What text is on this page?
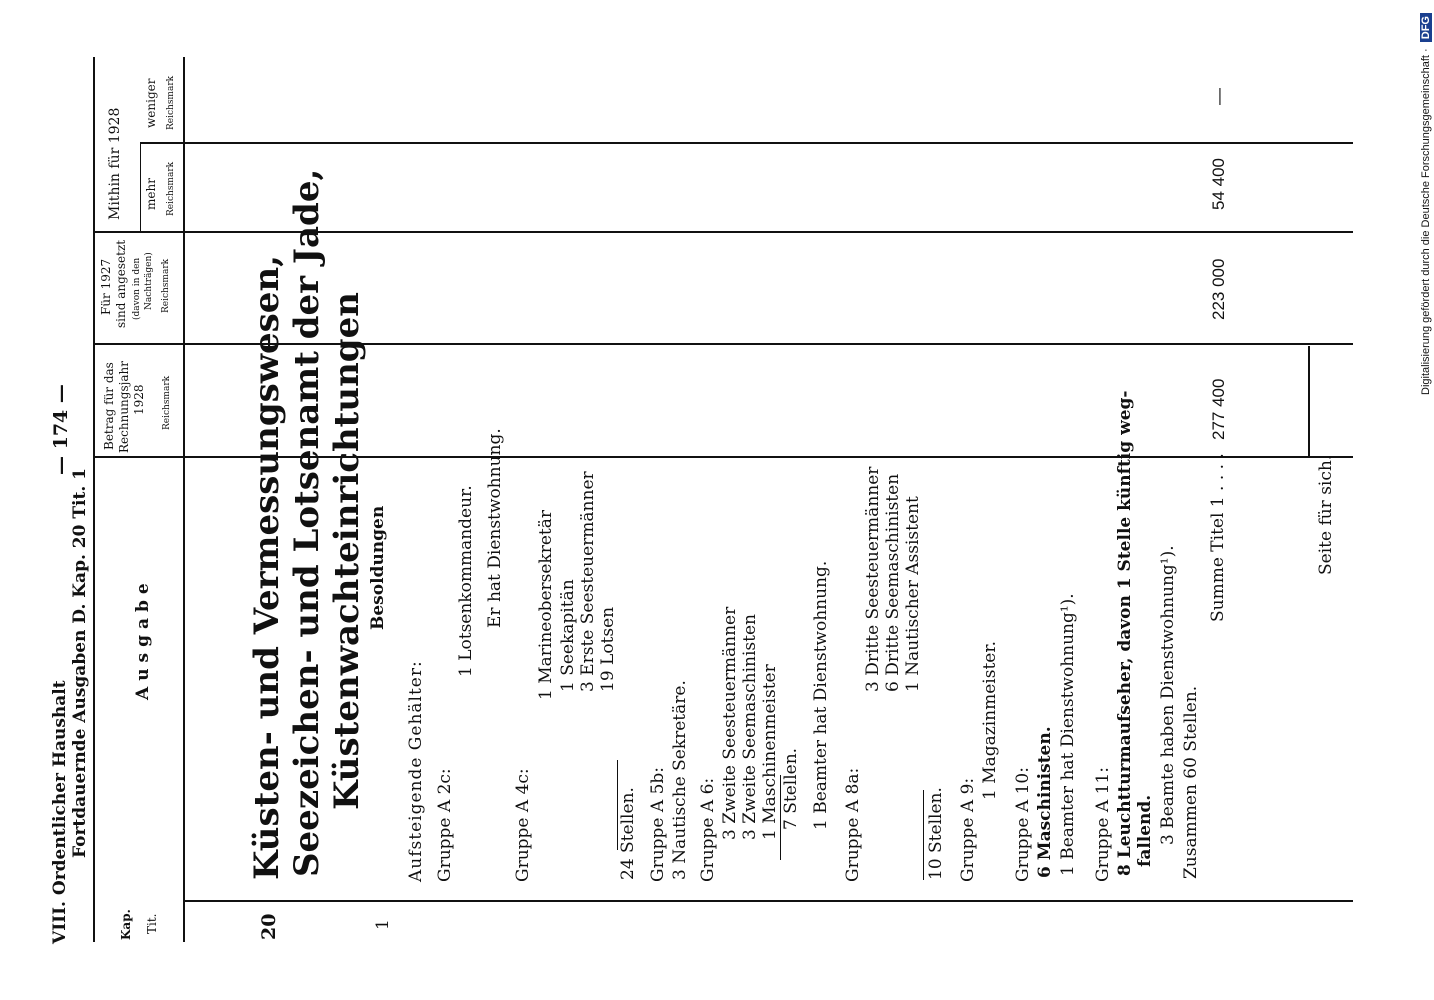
VIII. Ordentlicher Haushalt Fortdauernde Ausgaben D. Kap. 20 Tit. 1
— 174 —
Kap. Tit.
Ausgabe
Betrag für das Rechnungsjahr 1928 Reichsmark
Für 1927 sind angesetzt (davon in den Nachträgen) Reichsmark
Mithin für 1928 mehr Reichsmark
weniger Reichsmark
20	1
Küsten- und Vermessungswesen, Seezeichen- und Lotsenamt der Jade, Küstenwachteinrichtungen Besoldungen
Aufsteigende Gehälter: Gruppe A 2c:
1 Lotsenkommandeur. Er hat Dienstwohnung.
Gruppe A 4c:
1 Marineobersekretär 1 Seekapitän 3 Erste Seesteuermänner 19 Lotsen
24 Stellen. Gruppe A 5b: 3 Nautische Sekretäre. Gruppe A 6: 3 Zweite Seesteuermänner 3 Zweite Seemaschinisten 1 Maschinenmeister 7 Stellen. 1 Beamter hat Dienstwohnung. Gruppe A 8a:
3 Dritte Seesteuermänner 6 Dritte Seemaschinisten 1 Nautischer Assistent
10 Stellen. Gruppe A 9:
1 Magazinmeister.
Gruppe A 10: 6 Maschinisten. 1 Beamter hat Dienstwohnung¹). Gruppe A 11: 8 Leuchtturmaufseher, davon 1 Stelle künftig weg- fallend. 3 Beamte haben Dienstwohnung¹). Zusammen 60 Stellen.
Summe Titel 1 . . . .
277 400
223 000
54 400
—
Seite für sich.
Digitalisierung gefördert durch die Deutsche Forschungsgemeinschaft · DFG
